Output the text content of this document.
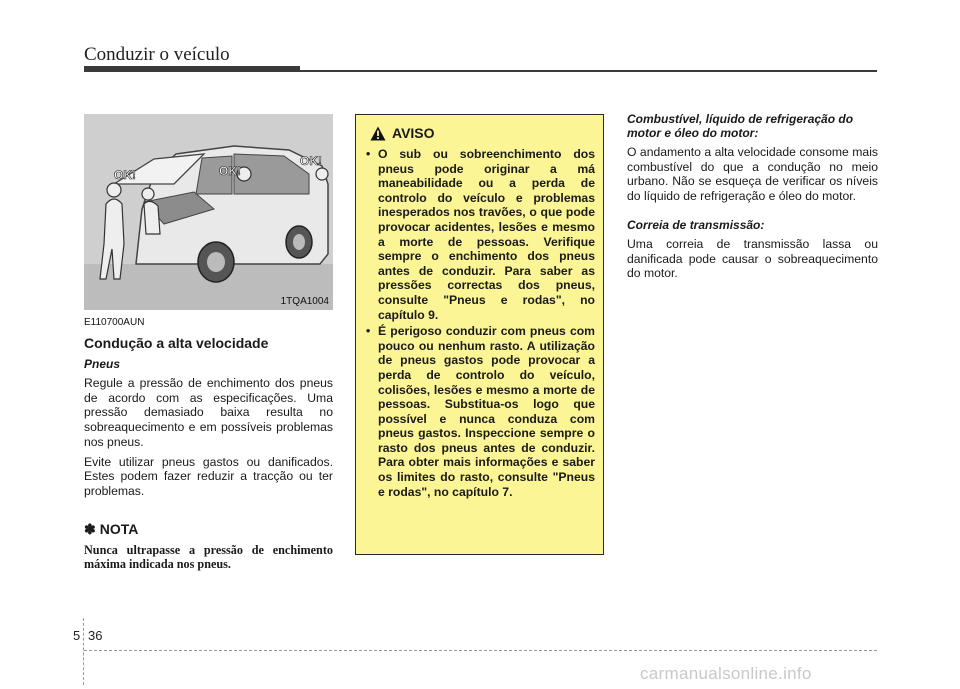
Conduzir o veículo
OK!	OK!
OK!
1TQA1004
E110700AUN
Condução a alta velocidade
Pneus
Regule a pressão de enchimento dos pneus de acordo com as especificações. Uma pressão demasiado baixa resulta no sobreaquecimento e em possíveis problemas nos pneus.
Evite utilizar pneus gastos ou danificados. Estes podem fazer reduzir a tracção ou ter problemas.
✽ NOTA
Nunca ultrapasse a pressão de enchimento máxima indicada nos pneus.
AVISO
• O sub ou sobreenchimento dos pneus pode originar a má maneabilidade ou a perda de controlo do veículo e problemas inesperados nos travões, o que pode provocar acidentes, lesões e mesmo a morte de pessoas. Verifique sempre o enchimento dos pneus antes de conduzir. Para saber as pressões correctas dos pneus, consulte "Pneus e rodas", no capítulo 9.
• É perigoso conduzir com pneus com pouco ou nenhum rasto. A utilização de pneus gastos pode provocar a perda de controlo do veículo, colisões, lesões e mesmo a morte de pessoas. Substitua-os logo que possível e nunca conduza com pneus gastos. Inspeccione sempre o rasto dos pneus antes de conduzir. Para obter mais informações e saber os limites do rasto, consulte "Pneus e rodas", no capítulo 7.
Combustível, líquido de refrigeração do motor e óleo do motor:
O andamento a alta velocidade consome mais combustível do que a condução no meio urbano. Não se esqueça de verificar os níveis do líquido de refrigeração e óleo do motor.
Correia de transmissão:
Uma correia de transmissão lassa ou danificada pode causar o sobreaquecimento do motor.
5 36
carmanualsonline.info
